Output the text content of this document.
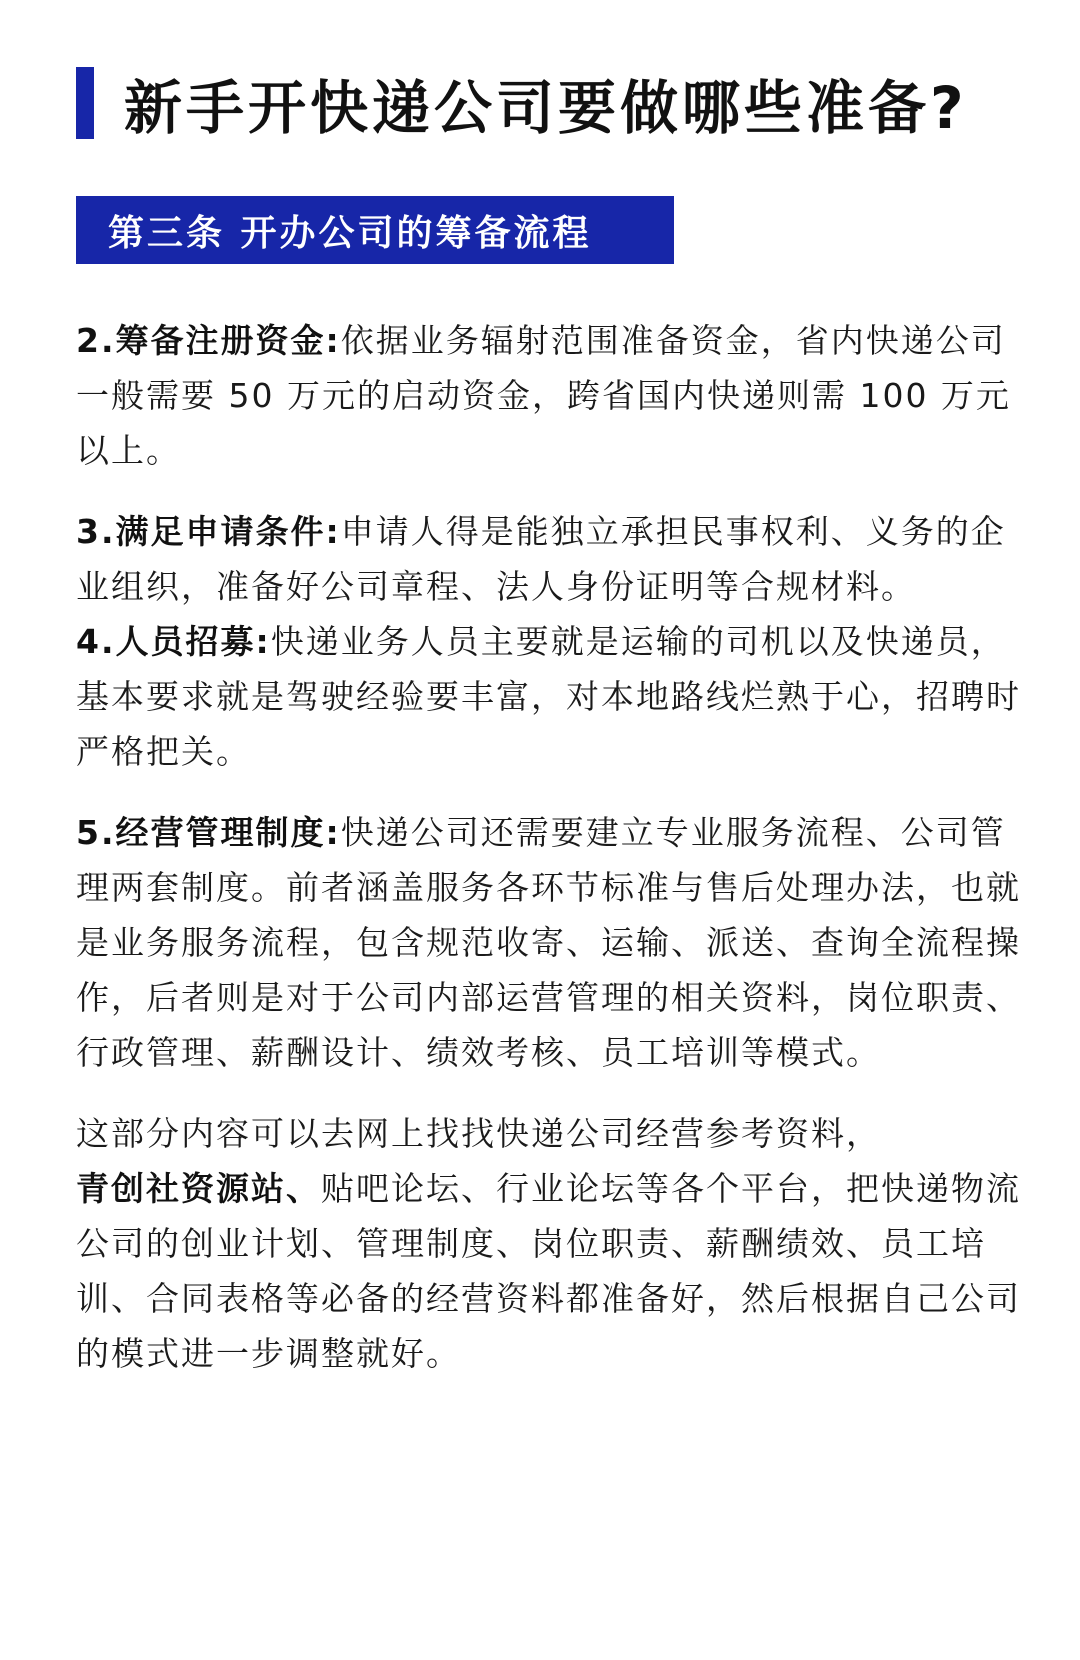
新手开快递公司要做哪些准备?
第三条 开办公司的筹备流程

2.筹备注册资金:依据业务辐射范围准备资金，省内快递公司一般需要 50 万元的启动资金，跨省国内快递则需 100 万元以上。

3.满足申请条件:申请人得是能独立承担民事权利、义务的企业组织，准备好公司章程、法人身份证明等合规材料。

4.人员招募:快递业务人员主要就是运输的司机以及快递员，基本要求就是驾驶经验要丰富，对本地路线烂熟于心，招聘时严格把关。

5.经营管理制度:快递公司还需要建立专业服务流程、公司管理两套制度。前者涵盖服务各环节标准与售后处理办法，也就是业务服务流程，包含规范收寄、运输、派送、查询全流程操作，后者则是对于公司内部运营管理的相关资料，岗位职责、行政管理、薪酬设计、绩效考核、员工培训等模式。

这部分内容可以去网上找找快递公司经营参考资料，
青创社资源站、贴吧论坛、行业论坛等各个平台，把快递物流公司的创业计划、管理制度、岗位职责、薪酬绩效、员工培训、合同表格等必备的经营资料都准备好，然后根据自己公司的模式进一步调整就好。
